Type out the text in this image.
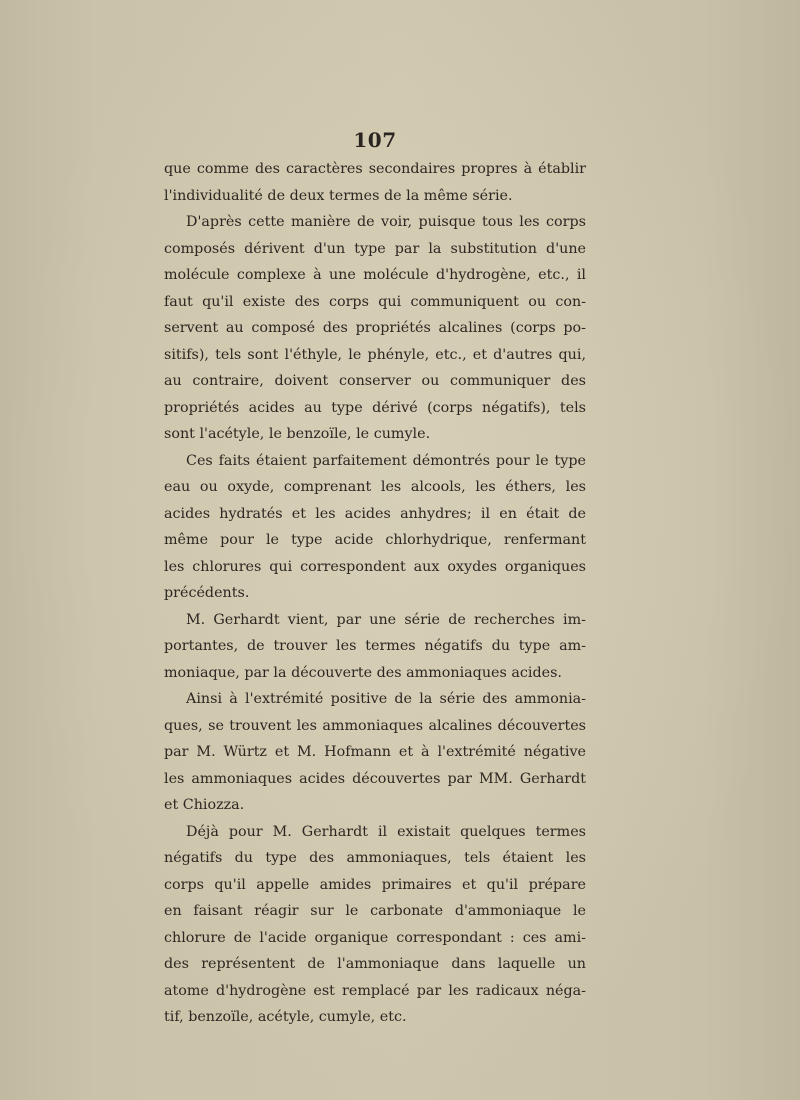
107
que comme des caractères secondaires propres à établir
l'individualité de deux termes de la même série.
D'après cette manière de voir, puisque tous les corps
composés dérivent d'un type par la substitution d'une
molécule complexe à une molécule d'hydrogène, etc., il
faut qu'il existe des corps qui communiquent ou con-
servent au composé des propriétés alcalines (corps po-
sitifs), tels sont l'éthyle, le phényle, etc., et d'autres qui,
au contraire, doivent conserver ou communiquer des
propriétés acides au type dérivé (corps négatifs), tels
sont l'acétyle, le benzoïle, le cumyle.
Ces faits étaient parfaitement démontrés pour le type
eau ou oxyde, comprenant les alcools, les éthers, les
acides hydratés et les acides anhydres; il en était de
même pour le type acide chlorhydrique, renfermant
les chlorures qui correspondent aux oxydes organiques
précédents.
M. Gerhardt vient, par une série de recherches im-
portantes, de trouver les termes négatifs du type am-
moniaque, par la découverte des ammoniaques acides.
Ainsi à l'extrémité positive de la série des ammonia-
ques, se trouvent les ammoniaques alcalines découvertes
par M. Würtz et M. Hofmann et à l'extrémité négative
les ammoniaques acides découvertes par MM. Gerhardt
et Chiozza.
Déjà pour M. Gerhardt il existait quelques termes
négatifs du type des ammoniaques, tels étaient les
corps qu'il appelle amides primaires et qu'il prépare
en faisant réagir sur le carbonate d'ammoniaque le
chlorure de l'acide organique correspondant : ces ami-
des représentent de l'ammoniaque dans laquelle un
atome d'hydrogène est remplacé par les radicaux néga-
tif, benzoïle, acétyle, cumyle, etc.
